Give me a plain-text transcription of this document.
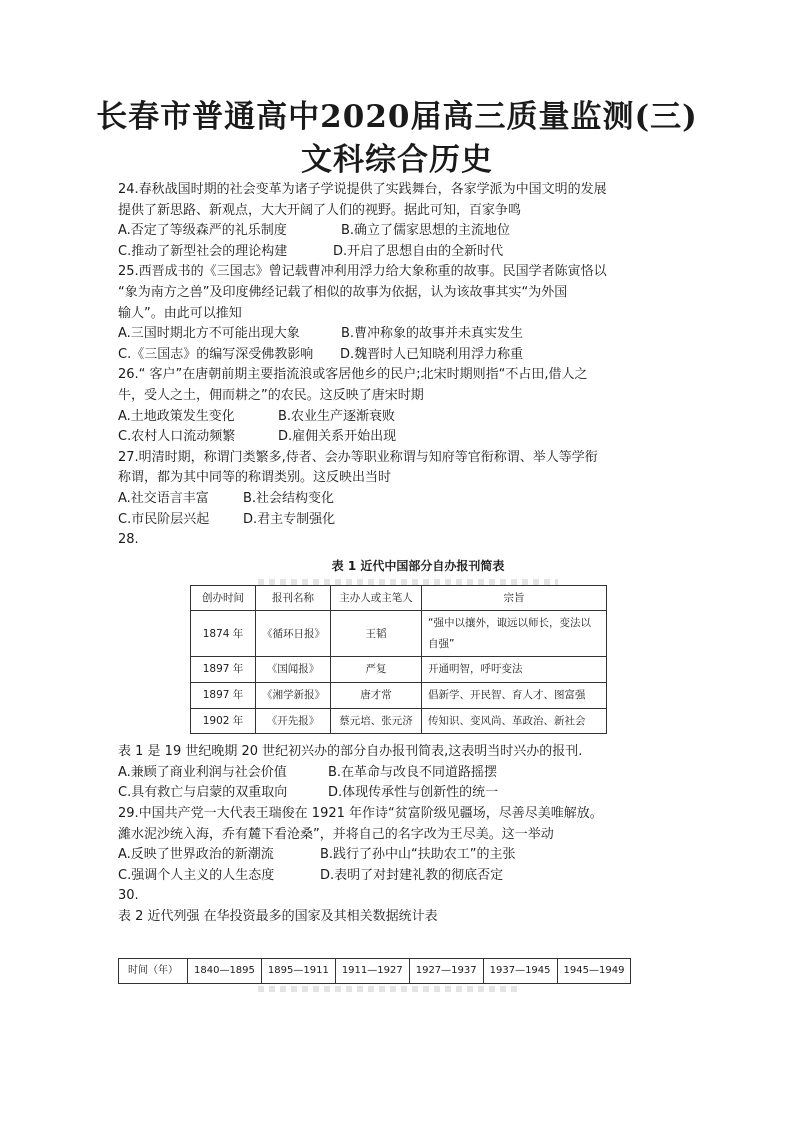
长春市普通高中2020届高三质量监测(三)
文科综合历史
24.春秋战国时期的社会变革为诸子学说提供了实践舞台，各家学派为中国文明的发展
提供了新思路、新观点，大大开阔了人们的视野。据此可知，百家争鸣
A.否定了等级森严的礼乐制度	B.确立了儒家思想的主流地位
C.推动了新型社会的理论构建	D.开启了思想自由的全新时代
25.西晋成书的《三国志》曾记载曹冲利用浮力给大象称重的故事。民国学者陈寅恪以
“象为南方之兽”及印度佛经记载了相似的故事为依据，认为该故事其实“为外国
输人”。由此可以推知
A.三国时期北方不可能出现大象	B.曹冲称象的故事并未真实发生
C.《三国志》的编写深受佛教影响	D.魏晋时人已知晓利用浮力称重
26.“ 客户”在唐朝前期主要指流浪或客居他乡的民户;北宋时期则指“不占田,借人之
牛，受人之土，佣而耕之”的农民。这反映了唐宋时期
A.土地政策发生变化	B.农业生产逐渐衰败
C.农村人口流动频繁	D.雇佣关系开始出现
27.明清时期，称谓门类繁多,侍者、会办等职业称谓与知府等官衔称谓、举人等学衔
称谓，都为其中同等的称谓类别。这反映出当时
A.社交语言丰富	B.社会结构变化
C.市民阶层兴起	D.君主专制强化
28.
表 1 近代中国部分自办报刊简表
创办时间	报刊名称	主办人或主笔人	宗旨
1874 年	《循环日报》	王韬	“强中以攘外，诹远以师长，变法以
自强”

1897 年	《国闻报》	严复	开通明智，呼吁变法
1897 年	《湘学新报》	唐才常	倡新学、开民智、育人才、图富强
1902 年	《开先报》	蔡元培、张元济	传知识、变风尚、革政治、新社会
表 1 是 19 世纪晚期 20 世纪初兴办的部分自办报刊简表,这表明当时兴办的报刊.
A.兼顾了商业利润与社会价值	B.在革命与改良不同道路摇摆
C.具有救亡与启蒙的双重取向	D.体现传承性与创新性的统一
29.中国共产党一大代表王瑞俊在 1921 年作诗“贫富阶级见疆场，尽善尽美唯解放。
濰水泥沙统入海，乔有麓下看沧桑”，并将自己的名字改为王尽美。这一举动
A.反映了世界政治的新潮流	B.践行了孙中山“扶助农工”的主张
C.强调个人主义的人生态度	D.表明了对封建礼教的彻底否定
30.
表 2 近代列强 在华投资最多的国家及其相关数据统计表
时间（年）	1840—1895	1895—1911	1911—1927	1927—1937	1937—1945	1945—1949
